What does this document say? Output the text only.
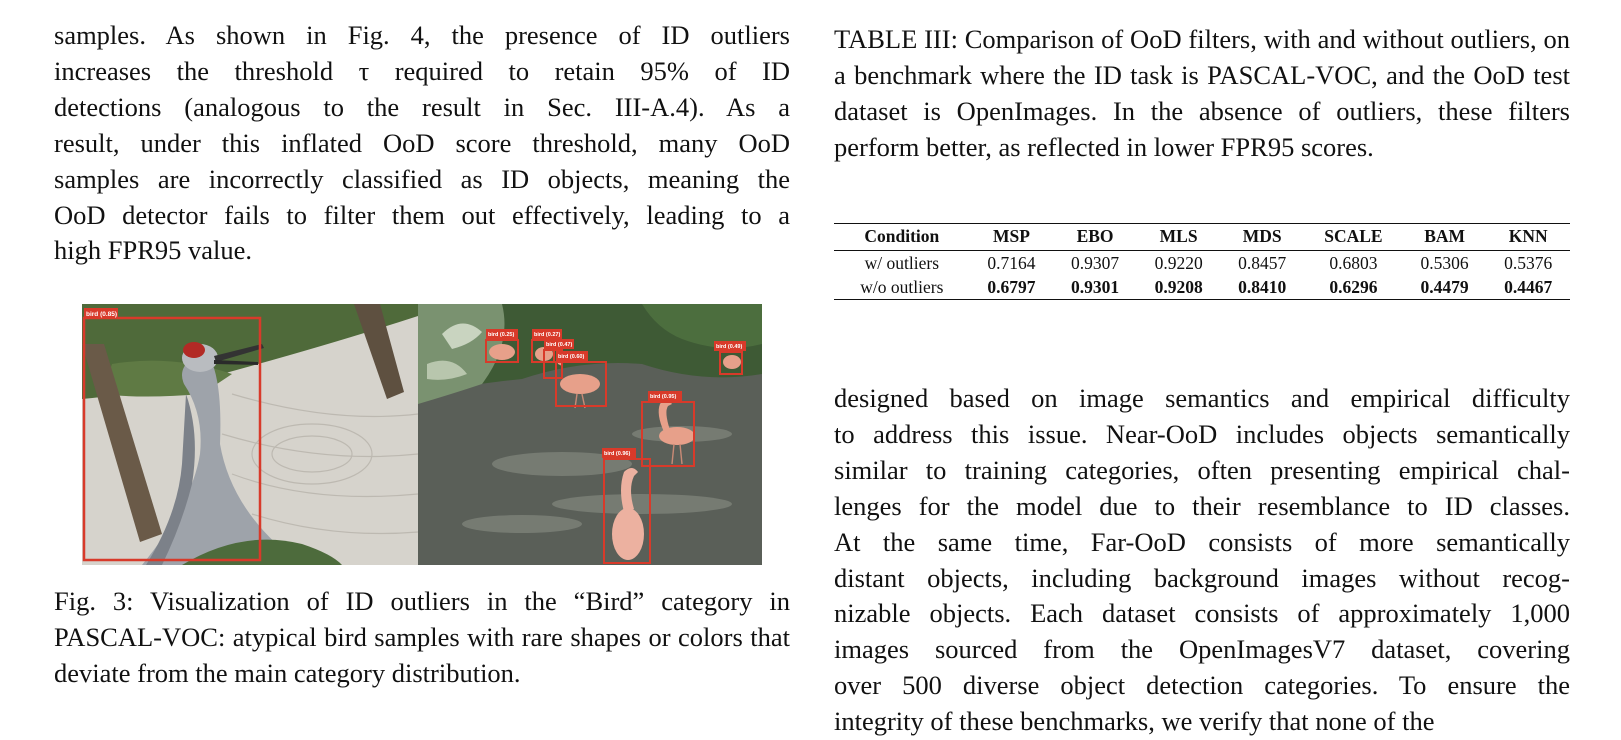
samples. As shown in Fig. 4, the presence of ID outliers
increases the threshold τ required to retain 95% of ID
detections (analogous to the result in Sec. III-A.4). As a
result, under this inflated OoD score threshold, many OoD
samples are incorrectly classified as ID objects, meaning the
OoD detector fails to filter them out effectively, leading to a
high FPR95 value.

bird (0.85)
bird (0.25)	bird (0.27)
bird (0.47)
bird (0.60)
bird (0.95)
bird (0.49)
bird (0.96)

Fig. 3: Visualization of ID outliers in the “Bird” category in PASCAL-VOC: atypical bird samples with rare shapes or colors that deviate from the main category distribution.

TABLE III: Comparison of OoD filters, with and without outliers, on a benchmark where the ID task is PASCAL-VOC, and the OoD test dataset is OpenImages. In the absence of outliers, these filters perform better, as reflected in lower FPR95 scores.

Condition	MSP	EBO	MLS	MDS	SCALE	BAM	KNN
w/ outliers	0.7164	0.9307	0.9220	0.8457	0.6803	0.5306	0.5376
w/o outliers	0.6797	0.9301	0.9208	0.8410	0.6296	0.4479	0.4467

designed based on image semantics and empirical difficulty
to address this issue. Near-OoD includes objects semantically
similar to training categories, often presenting empirical chal-
lenges for the model due to their resemblance to ID classes.
At the same time, Far-OoD consists of more semantically
distant objects, including background images without recog-
nizable objects. Each dataset consists of approximately 1,000
images sourced from the OpenImagesV7 dataset, covering
over 500 diverse object detection categories. To ensure the
integrity of these benchmarks, we verify that none of the
